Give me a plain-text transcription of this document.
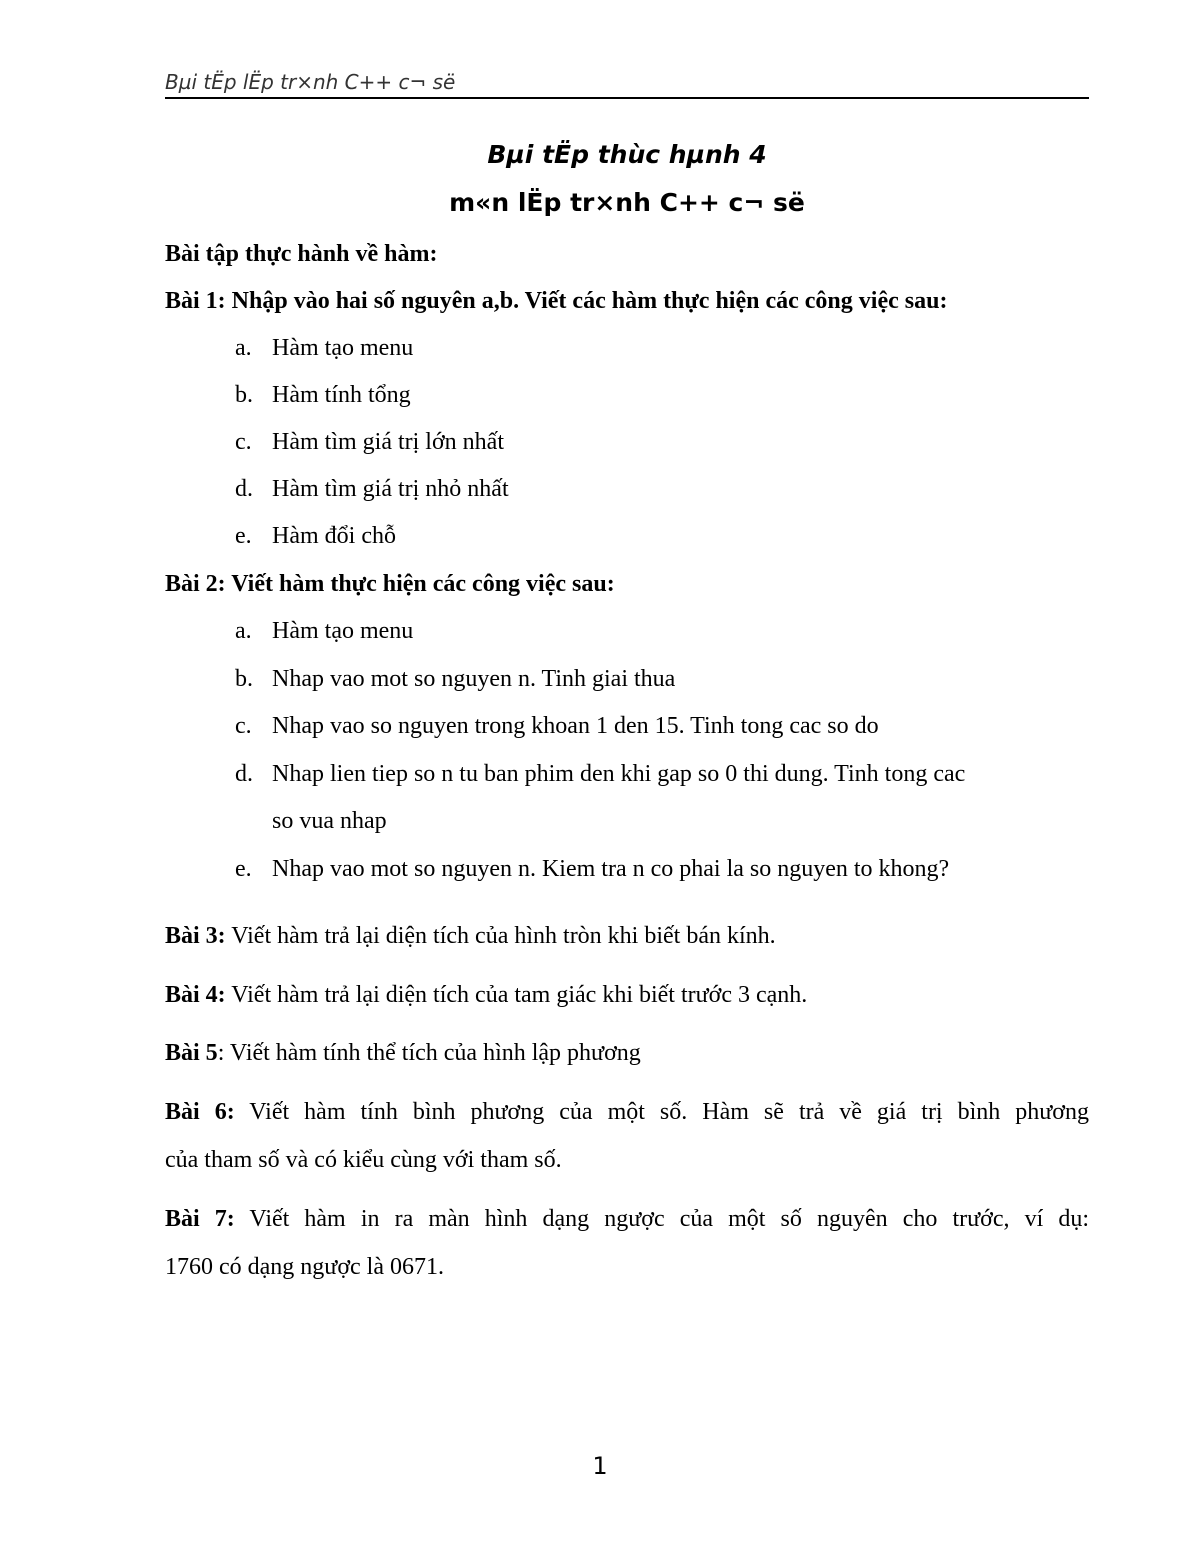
Bµi tËp lËp tr×nh C++ c¬ së
Bµi tËp thùc hµnh 4
m«n lËp tr×nh C++ c¬ së
Bài tập thực hành về hàm:
Bài 1: Nhập vào hai số nguyên a,b. Viết các hàm thực hiện các công việc sau:
a. Hàm tạo menu
b. Hàm tính tổng
c. Hàm tìm giá trị lớn nhất
d. Hàm tìm giá trị nhỏ nhất
e. Hàm đổi chỗ
Bài 2: Viết hàm thực hiện các công việc sau:
a. Hàm tạo menu
b. Nhap vao mot so nguyen n. Tinh giai thua
c. Nhap vao so nguyen trong khoan 1 den 15. Tinh tong cac so do
d. Nhap lien tiep so n tu ban phim den khi gap so 0 thi dung. Tinh tong cac
so vua nhap
e. Nhap vao mot so nguyen n. Kiem tra n co phai la so nguyen to khong?
Bài 3: Viết hàm trả lại diện tích của hình tròn khi biết bán kính.
Bài 4: Viết hàm trả lại diện tích của tam giác khi biết trước 3 cạnh.
Bài 5: Viết hàm tính thể tích của hình lập phương
Bài 6: Viết hàm tính bình phương của một số. Hàm sẽ trả về giá trị bình phương
của tham số và có kiểu cùng với tham số.
Bài 7: Viết hàm in ra màn hình dạng ngược của một số nguyên cho trước, ví dụ:
1760 có dạng ngược là 0671.
1
